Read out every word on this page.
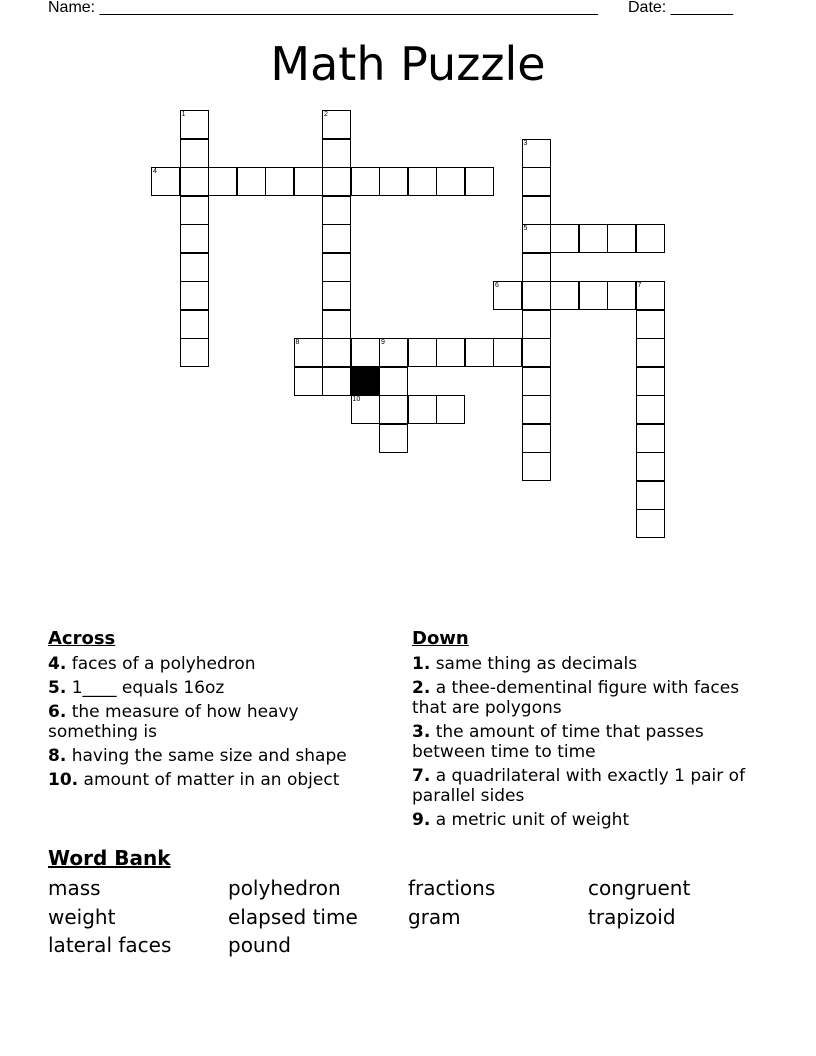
Name: ________________________________________________________ Date: _______
Math Puzzle
1	2
3
5
4
6	7
8	9
10
Across
4. faces of a polyhedron
5. 1____ equals 16oz
6. the measure of how heavy something is
8. having the same size and shape
10. amount of matter in an object
Down
1. same thing as decimals
2. a thee-dementinal figure with faces that are polygons
3. the amount of time that passes between time to time
7. a quadrilateral with exactly 1 pair of parallel sides
9. a metric unit of weight
Word Bank
mass	polyhedron	fractions	congruent
weight	elapsed time	gram	trapizoid
lateral faces	pound
